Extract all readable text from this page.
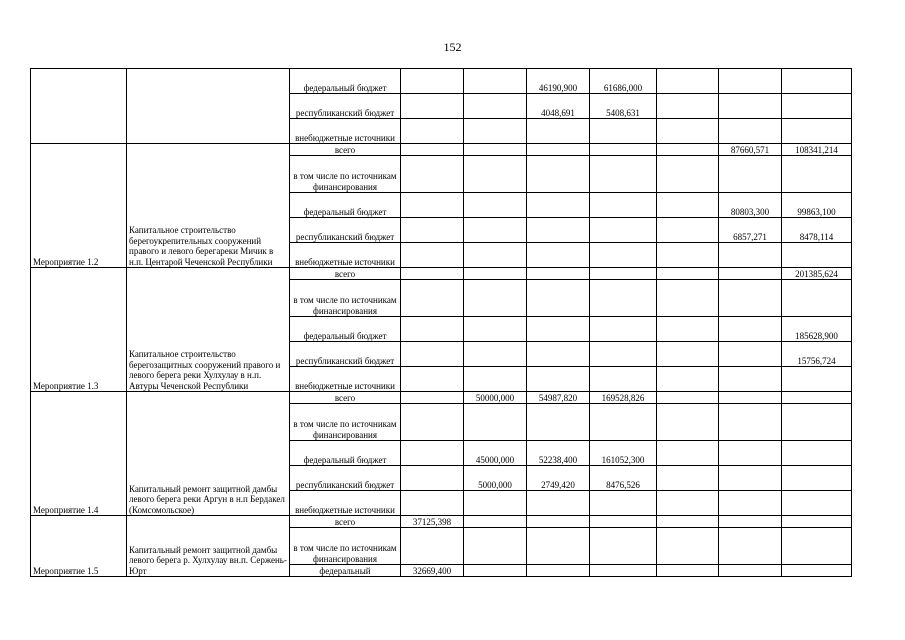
152
		федеральный бюджет			46190,900	61686,000			
		республиканский бюджет			4048,691	5408,631			
		внебюджетные источники							
Мероприятие 1.2	Капитальное строительство берегоукрепительных сооружений правого и левого берегареки Мичик в н.п. Центарой Чеченской Республики	всего						87660,571	108341,214
		в том числе по источникам финансирования							
		федеральный бюджет						80803,300	99863,100
		республиканский бюджет						6857,271	8478,114
		внебюджетные источники							
Мероприятие 1.3	Капитальное строительство берегозащитных сооружений правого и левого берега реки Хулхулау в н.п. Автуры Чеченской Республики	всего							201385,624
		в том числе по источникам финансирования							
		федеральный бюджет							185628,900
		республиканский бюджет							15756,724
		внебюджетные источники							
Мероприятие 1.4	Капитальный ремонт защитной дамбы левого берега реки Аргун в н.п Бердакел (Комсомольское)	всего		50000,000	54987,820	169528,826			
		в том числе по источникам финансирования							
		федеральный бюджет		45000,000	52238,400	161052,300			
		республиканский бюджет		5000,000	2749,420	8476,526			
		внебюджетные источники							
Мероприятие 1.5	Капитальный ремонт защитной дамбы левого берега р. Хулхулау вн.п. Сержень-Юрт	всего	37125,398						
		в том числе по источникам финансирования							
		федеральный	32669,400						
